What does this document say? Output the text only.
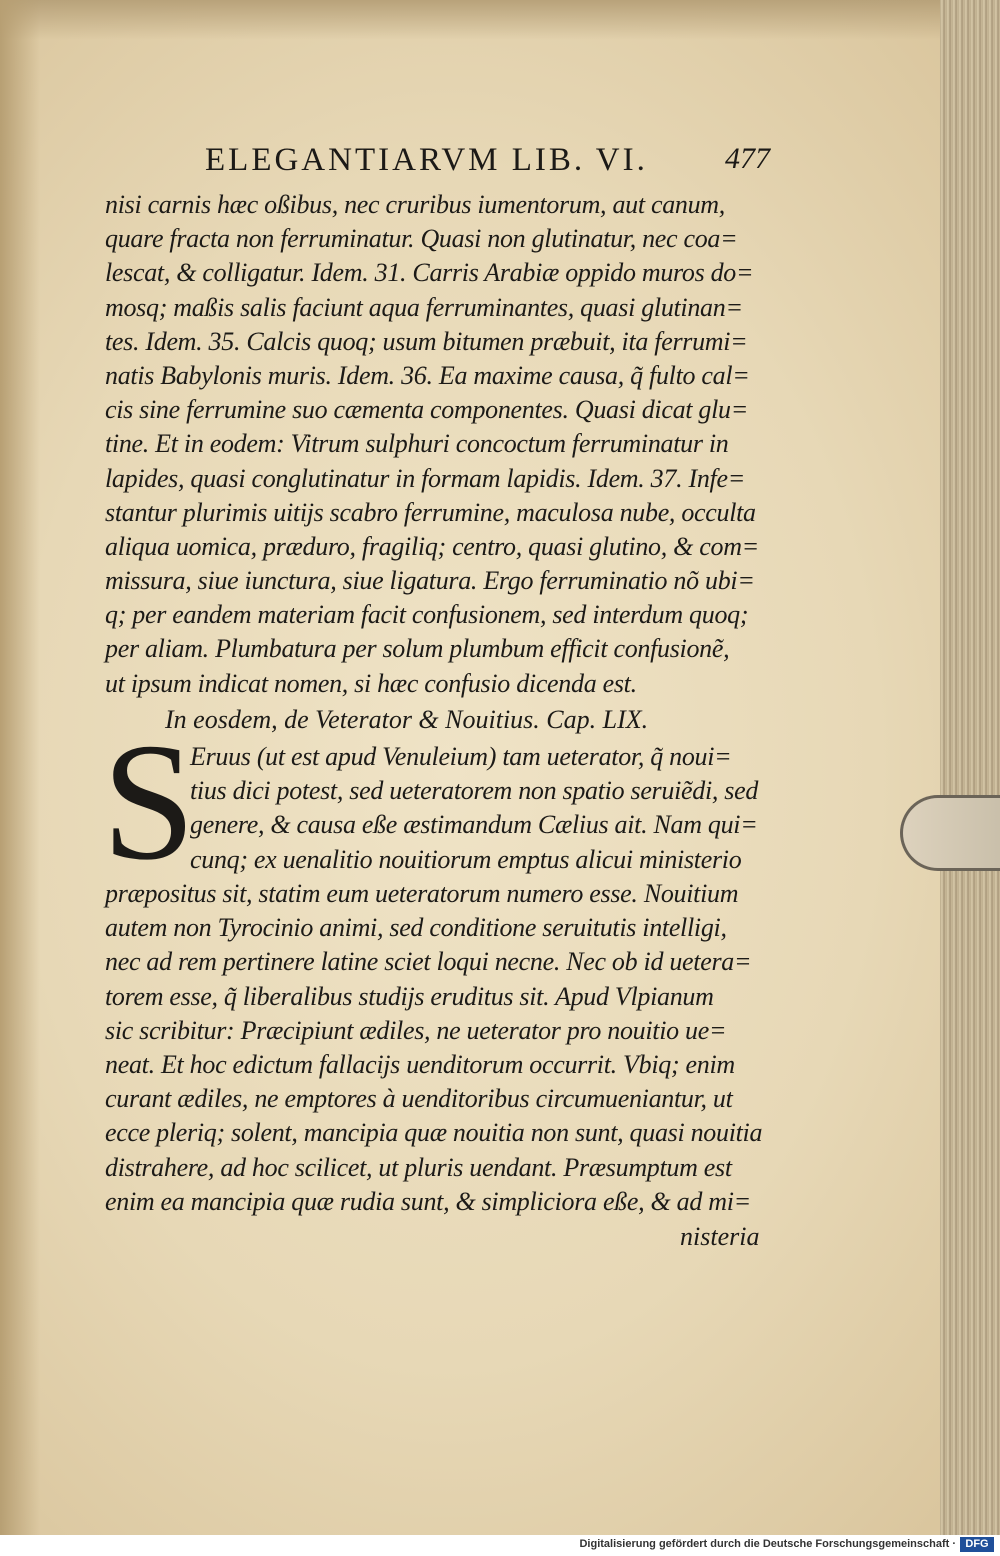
ELEGANTIARVM LIB. VI.	477
nisi carnis hæc oßibus, nec cruribus iumentorum, aut canum,
quare fracta non ferruminatur. Quasi non glutinatur, nec coa=
lescat, & colligatur. Idem. 31. Carris Arabiæ oppido muros do=
mosq; maßis salis faciunt aqua ferruminantes, quasi glutinan=
tes. Idem. 35. Calcis quoq; usum bitumen præbuit, ita ferrumi=
natis Babylonis muris. Idem. 36. Ea maxime causa, q̃ fulto cal=
cis sine ferrumine suo cæmenta componentes. Quasi dicat glu=
tine. Et in eodem: Vitrum sulphuri concoctum ferruminatur in
lapides, quasi conglutinatur in formam lapidis. Idem. 37. Infe=
stantur plurimis uitijs scabro ferrumine, maculosa nube, occulta
aliqua uomica, præduro, fragiliq; centro, quasi glutino, & com=
missura, siue iunctura, siue ligatura. Ergo ferruminatio nõ ubi=
q; per eandem materiam facit confusionem, sed interdum quoq;
per aliam. Plumbatura per solum plumbum efficit confusionẽ,
ut ipsum indicat nomen, si hæc confusio dicenda est.
In eosdem, de Veterator & Nouitius. Cap. LIX.
S
Eruus (ut est apud Venuleium) tam ueterator, q̃ noui=
tius dici potest, sed ueteratorem non spatio seruiẽdi, sed
genere, & causa eße æstimandum Cælius ait. Nam qui=
cunq; ex uenalitio nouitiorum emptus alicui ministerio
præpositus sit, statim eum ueteratorum numero esse. Nouitium
autem non Tyrocinio animi, sed conditione seruitutis intelligi,
nec ad rem pertinere latine sciet loqui necne. Nec ob id uetera=
torem esse, q̃ liberalibus studijs eruditus sit. Apud Vlpianum
sic scribitur: Præcipiunt ædiles, ne ueterator pro nouitio ue=
neat. Et hoc edictum fallacijs uenditorum occurrit. Vbiq; enim
curant ædiles, ne emptores à uenditoribus circumueniantur, ut
ecce pleriq; solent, mancipia quæ nouitia non sunt, quasi nouitia
distrahere, ad hoc scilicet, ut pluris uendant. Præsumptum est
enim ea mancipia quæ rudia sunt, & simpliciora eße, & ad mi=
nisteria
Digitalisierung gefördert durch die Deutsche Forschungsgemeinschaft · DFG
